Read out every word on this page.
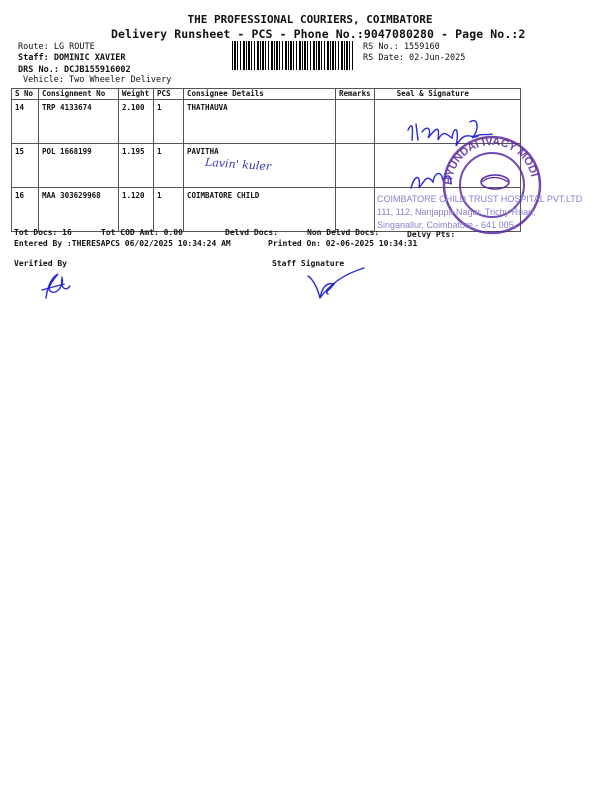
THE PROFESSIONAL COURIERS, COIMBATORE
Delivery Runsheet - PCS - Phone No.:9047080280 - Page No.:2
Route: LG ROUTE
Staff: DOMINIC XAVIER
DRS No.: DCJB155916002
Vehicle: Two Wheeler Delivery
RS No.: 1559160
RS Date: 02-Jun-2025
S No	Consignment No	Weight	PCS	Consignee Details	Remarks	Seal & Signature
14	TRP 4133674	2.100	1	THATHAUVA		
15	POL 1668199	1.195	1	PAVITHA		
16	MAA 303629968	1.120	1	COIMBATORE CHILD		
Lavin' kuler
HYUNDAI IVACY MODI
COIMBATORE CHILD TRUST HOSPITAL PVT.LTD
111, 112, Nanjappa Nagar, Trichy Road,
Singanallur, Coimbatore - 641 005.
Tot Docs: 16	Tot COD Amt: 0.00	Delvd Docs:	Non Delvd Docs:	Delvy Pts:
Entered By :THERESAPCS 06/02/2025 10:34:24 AM	Printed On: 02-06-2025 10:34:31
Verified By	Staff Signature
